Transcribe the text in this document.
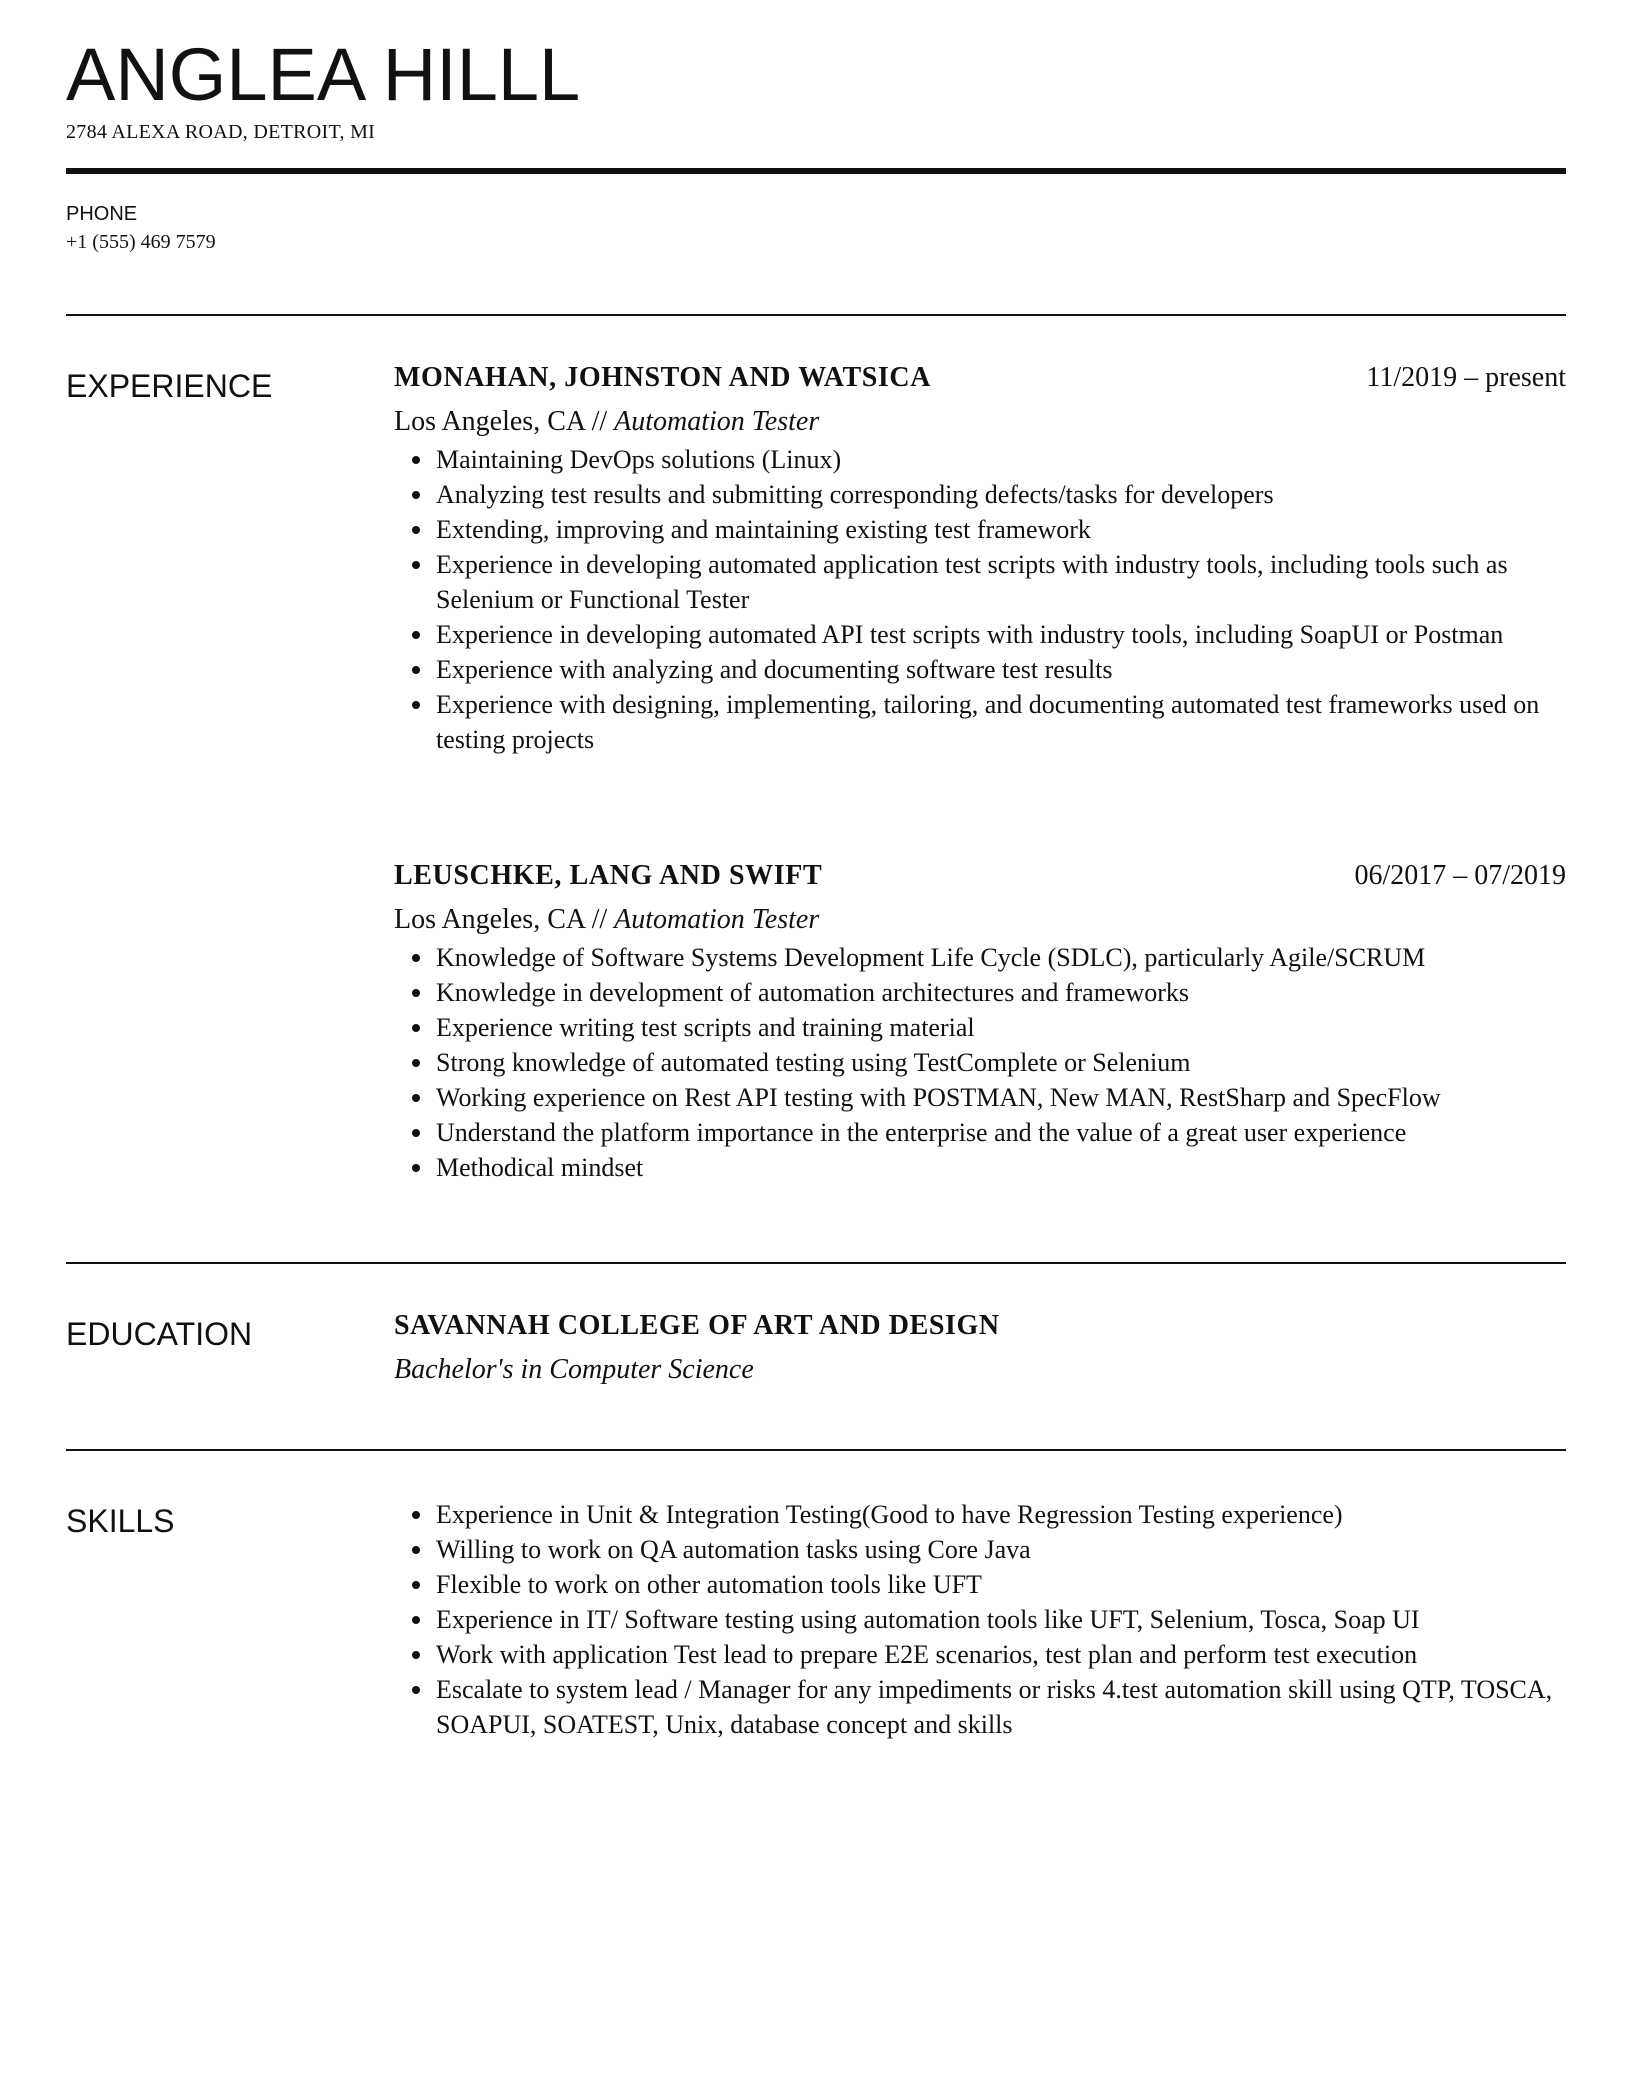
ANGLEA HILLL
2784 ALEXA ROAD, DETROIT, MI
PHONE
+1 (555) 469 7579
EXPERIENCE	MONAHAN, JOHNSTON AND WATSICA	11/2019 – present
Los Angeles, CA // Automation Tester
Maintaining DevOps solutions (Linux)
Analyzing test results and submitting corresponding defects/tasks for developers
Extending, improving and maintaining existing test framework
Experience in developing automated application test scripts with industry tools, including tools such as Selenium or Functional Tester
Experience in developing automated API test scripts with industry tools, including SoapUI or Postman
Experience with analyzing and documenting software test results
Experience with designing, implementing, tailoring, and documenting automated test frameworks used on testing projects
LEUSCHKE, LANG AND SWIFT	06/2017 – 07/2019
Los Angeles, CA // Automation Tester
Knowledge of Software Systems Development Life Cycle (SDLC), particularly Agile/SCRUM
Knowledge in development of automation architectures and frameworks
Experience writing test scripts and training material
Strong knowledge of automated testing using TestComplete or Selenium
Working experience on Rest API testing with POSTMAN, New MAN, RestSharp and SpecFlow
Understand the platform importance in the enterprise and the value of a great user experience
Methodical mindset
EDUCATION	SAVANNAH COLLEGE OF ART AND DESIGN
Bachelor's in Computer Science
SKILLS	Experience in Unit & Integration Testing(Good to have Regression Testing experience)
Willing to work on QA automation tasks using Core Java
Flexible to work on other automation tools like UFT
Experience in IT/ Software testing using automation tools like UFT, Selenium, Tosca, Soap UI
Work with application Test lead to prepare E2E scenarios, test plan and perform test execution
Escalate to system lead / Manager for any impediments or risks 4.test automation skill using QTP, TOSCA, SOAPUI, SOATEST, Unix, database concept and skills
